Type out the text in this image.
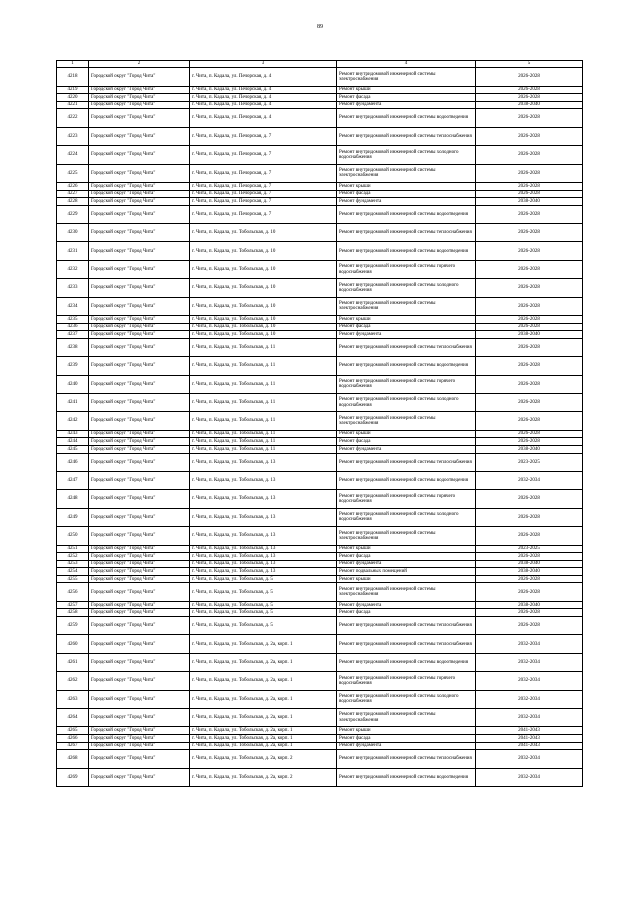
89
1	2	3	4	5
4218	Городской округ "Город Чита"	г. Чита, п. Кадала, ул. Печорская, д. 4	Ремонт внутридомовой инженерной системы электроснабжения	2026-2028
4219	Городской округ "Город Чита"	г. Чита, п. Кадала, ул. Печорская, д. 4	Ремонт крыши	2026-2028
4220	Городской округ "Город Чита"	г. Чита, п. Кадала, ул. Печорская, д. 4	Ремонт фасада	2026-2028
4221	Городской округ "Город Чита"	г. Чита, п. Кадала, ул. Печорская, д. 4	Ремонт фундамента	2038-2040
4222	Городской округ "Город Чита"	г. Чита, п. Кадала, ул. Печорская, д. 4	Ремонт внутридомовой инженерной системы водоотведения	2026-2028
4223	Городской округ "Город Чита"	г. Чита, п. Кадала, ул. Печорская, д. 7	Ремонт внутридомовой инженерной системы теплоснабжения	2026-2028
4224	Городской округ "Город Чита"	г. Чита, п. Кадала, ул. Печорская, д. 7	Ремонт внутридомовой инженерной системы холодного водоснабжения	2026-2028
4225	Городской округ "Город Чита"	г. Чита, п. Кадала, ул. Печорская, д. 7	Ремонт внутридомовой инженерной системы электроснабжения	2026-2028
4226	Городской округ "Город Чита"	г. Чита, п. Кадала, ул. Печорская, д. 7	Ремонт крыши	2026-2028
4227	Городской округ "Город Чита"	г. Чита, п. Кадала, ул. Печорская, д. 7	Ремонт фасада	2026-2028
4228	Городской округ "Город Чита"	г. Чита, п. Кадала, ул. Печорская, д. 7	Ремонт фундамента	2038-2040
4229	Городской округ "Город Чита"	г. Чита, п. Кадала, ул. Печорская, д. 7	Ремонт внутридомовой инженерной системы водоотведения	2026-2028
4230	Городской округ "Город Чита"	г. Чита, п. Кадала, ул. Тобольская, д. 10	Ремонт внутридомовой инженерной системы теплоснабжения	2026-2028
4231	Городской округ "Город Чита"	г. Чита, п. Кадала, ул. Тобольская, д. 10	Ремонт внутридомовой инженерной системы водоотведения	2026-2028
4232	Городской округ "Город Чита"	г. Чита, п. Кадала, ул. Тобольская, д. 10	Ремонт внутридомовой инженерной системы горячего водоснабжения	2026-2028
4233	Городской округ "Город Чита"	г. Чита, п. Кадала, ул. Тобольская, д. 10	Ремонт внутридомовой инженерной системы холодного водоснабжения	2026-2028
4234	Городской округ "Город Чита"	г. Чита, п. Кадала, ул. Тобольская, д. 10	Ремонт внутридомовой инженерной системы электроснабжения	2026-2028
4235	Городской округ "Город Чита"	г. Чита, п. Кадала, ул. Тобольская, д. 10	Ремонт крыши	2026-2028
4236	Городской округ "Город Чита"	г. Чита, п. Кадала, ул. Тобольская, д. 10	Ремонт фасада	2026-2028
4237	Городской округ "Город Чита"	г. Чита, п. Кадала, ул. Тобольская, д. 10	Ремонт фундамента	2038-2040
4238	Городской округ "Город Чита"	г. Чита, п. Кадала, ул. Тобольская, д. 11	Ремонт внутридомовой инженерной системы теплоснабжения	2026-2028
4239	Городской округ "Город Чита"	г. Чита, п. Кадала, ул. Тобольская, д. 11	Ремонт внутридомовой инженерной системы водоотведения	2026-2028
4240	Городской округ "Город Чита"	г. Чита, п. Кадала, ул. Тобольская, д. 11	Ремонт внутридомовой инженерной системы горячего водоснабжения	2026-2028
4241	Городской округ "Город Чита"	г. Чита, п. Кадала, ул. Тобольская, д. 11	Ремонт внутридомовой инженерной системы холодного водоснабжения	2026-2028
4242	Городской округ "Город Чита"	г. Чита, п. Кадала, ул. Тобольская, д. 11	Ремонт внутридомовой инженерной системы электроснабжения	2026-2028
4243	Городской округ "Город Чита"	г. Чита, п. Кадала, ул. Тобольская, д. 11	Ремонт крыши	2026-2028
4244	Городской округ "Город Чита"	г. Чита, п. Кадала, ул. Тобольская, д. 11	Ремонт фасада	2026-2028
4245	Городской округ "Город Чита"	г. Чита, п. Кадала, ул. Тобольская, д. 11	Ремонт фундамента	2038-2040
4246	Городской округ "Город Чита"	г. Чита, п. Кадала, ул. Тобольская, д. 13	Ремонт внутридомовой инженерной системы теплоснабжения	2023-2025
4247	Городской округ "Город Чита"	г. Чита, п. Кадала, ул. Тобольская, д. 13	Ремонт внутридомовой инженерной системы водоотведения	2032-2034
4248	Городской округ "Город Чита"	г. Чита, п. Кадала, ул. Тобольская, д. 13	Ремонт внутридомовой инженерной системы горячего водоснабжения	2026-2028
4249	Городской округ "Город Чита"	г. Чита, п. Кадала, ул. Тобольская, д. 13	Ремонт внутридомовой инженерной системы холодного водоснабжения	2026-2028
4250	Городской округ "Город Чита"	г. Чита, п. Кадала, ул. Тобольская, д. 13	Ремонт внутридомовой инженерной системы электроснабжения	2026-2028
4251	Городской округ "Город Чита"	г. Чита, п. Кадала, ул. Тобольская, д. 13	Ремонт крыши	2023-2025
4252	Городской округ "Город Чита"	г. Чита, п. Кадала, ул. Тобольская, д. 13	Ремонт фасада	2026-2028
4253	Городской округ "Город Чита"	г. Чита, п. Кадала, ул. Тобольская, д. 13	Ремонт фундамента	2038-2040
4254	Городской округ "Город Чита"	г. Чита, п. Кадала, ул. Тобольская, д. 13	Ремонт подвальных помещений	2038-2040
4255	Городской округ "Город Чита"	г. Чита, п. Кадала, ул. Тобольская, д. 5	Ремонт крыши	2026-2028
4256	Городской округ "Город Чита"	г. Чита, п. Кадала, ул. Тобольская, д. 5	Ремонт внутридомовой инженерной системы электроснабжения	2026-2028
4257	Городской округ "Город Чита"	г. Чита, п. Кадала, ул. Тобольская, д. 5	Ремонт фундамента	2038-2040
4258	Городской округ "Город Чита"	г. Чита, п. Кадала, ул. Тобольская, д. 5	Ремонт фасада	2026-2028
4259	Городской округ "Город Чита"	г. Чита, п. Кадала, ул. Тобольская, д. 5	Ремонт внутридомовой инженерной системы теплоснабжения	2026-2028
4260	Городской округ "Город Чита"	г. Чита, п. Кадала, ул. Тобольская, д. 2а, корп. 1	Ремонт внутридомовой инженерной системы теплоснабжения	2032-2034
4261	Городской округ "Город Чита"	г. Чита, п. Кадала, ул. Тобольская, д. 2а, корп. 1	Ремонт внутридомовой инженерной системы водоотведения	2032-2034
4262	Городской округ "Город Чита"	г. Чита, п. Кадала, ул. Тобольская, д. 2а, корп. 1	Ремонт внутридомовой инженерной системы горячего водоснабжения	2032-2034
4263	Городской округ "Город Чита"	г. Чита, п. Кадала, ул. Тобольская, д. 2а, корп. 1	Ремонт внутридомовой инженерной системы холодного водоснабжения	2032-2034
4264	Городской округ "Город Чита"	г. Чита, п. Кадала, ул. Тобольская, д. 2а, корп. 1	Ремонт внутридомовой инженерной системы электроснабжения	2032-2034
4265	Городской округ "Город Чита"	г. Чита, п. Кадала, ул. Тобольская, д. 2а, корп. 1	Ремонт крыши	2041-2043
4266	Городской округ "Город Чита"	г. Чита, п. Кадала, ул. Тобольская, д. 2а, корп. 1	Ремонт фасада	2041-2043
4267	Городской округ "Город Чита"	г. Чита, п. Кадала, ул. Тобольская, д. 2а, корп. 1	Ремонт фундамента	2041-2043
4268	Городской округ "Город Чита"	г. Чита, п. Кадала, ул. Тобольская, д. 2а, корп. 2	Ремонт внутридомовой инженерной системы теплоснабжения	2032-2034
4269	Городской округ "Город Чита"	г. Чита, п. Кадала, ул. Тобольская, д. 2а, корп. 2	Ремонт внутридомовой инженерной системы водоотведения	2032-2034
